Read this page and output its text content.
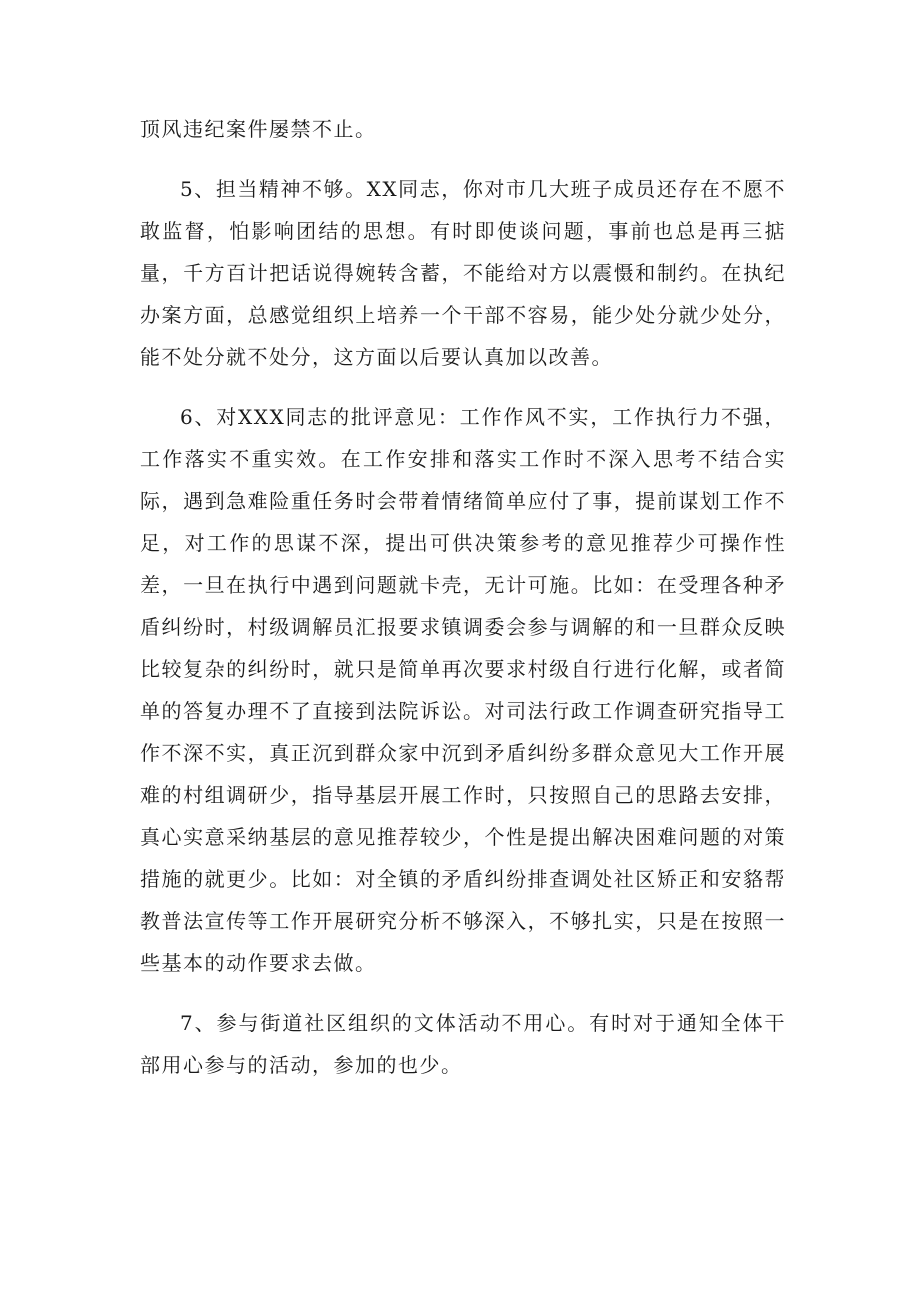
顶风违纪案件屡禁不止。

5、担当精神不够。XX同志，你对市几大班子成员还存在不愿不敢监督，怕影响团结的思想。有时即使谈问题，事前也总是再三掂量，千方百计把话说得婉转含蓄，不能给对方以震慑和制约。在执纪办案方面，总感觉组织上培养一个干部不容易，能少处分就少处分，能不处分就不处分，这方面以后要认真加以改善。

6、对XXX同志的批评意见：工作作风不实，工作执行力不强，工作落实不重实效。在工作安排和落实工作时不深入思考不结合实际，遇到急难险重任务时会带着情绪简单应付了事，提前谋划工作不足，对工作的思谋不深，提出可供决策参考的意见推荐少可操作性差，一旦在执行中遇到问题就卡壳，无计可施。比如：在受理各种矛盾纠纷时，村级调解员汇报要求镇调委会参与调解的和一旦群众反映比较复杂的纠纷时，就只是简单再次要求村级自行进行化解，或者简单的答复办理不了直接到法院诉讼。对司法行政工作调查研究指导工作不深不实，真正沉到群众家中沉到矛盾纠纷多群众意见大工作开展难的村组调研少，指导基层开展工作时，只按照自己的思路去安排，真心实意采纳基层的意见推荐较少，个性是提出解决困难问题的对策措施的就更少。比如：对全镇的矛盾纠纷排查调处社区矫正和安貉帮教普法宣传等工作开展研究分析不够深入，不够扎实，只是在按照一些基本的动作要求去做。

7、参与街道社区组织的文体活动不用心。有时对于通知全体干部用心参与的活动，参加的也少。
